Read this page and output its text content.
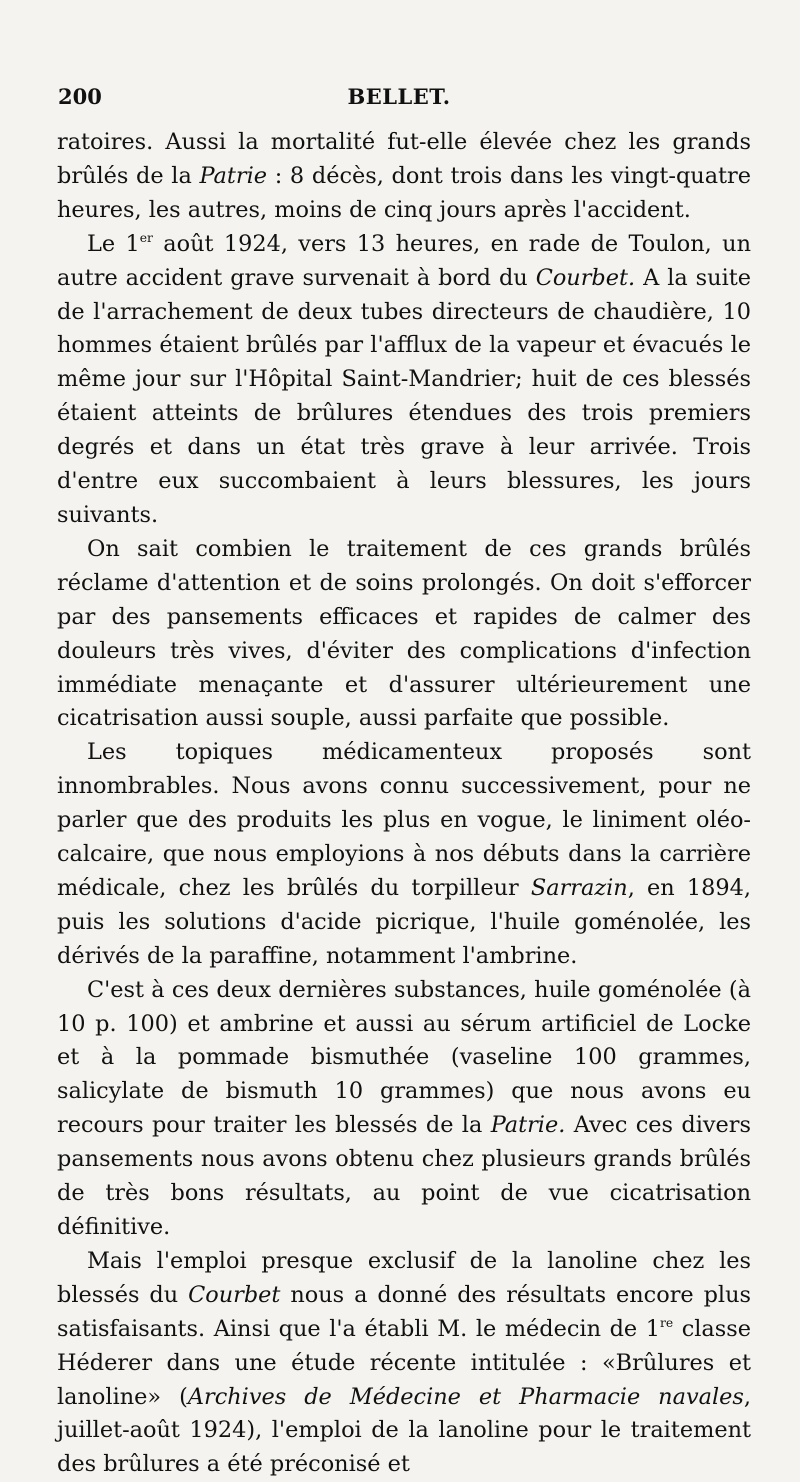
200	BELLET.

ratoires. Aussi la mortalité fut-elle élevée chez les grands brûlés de la Patrie : 8 décès, dont trois dans les vingt-quatre heures, les autres, moins de cinq jours après l'accident.

Le 1er août 1924, vers 13 heures, en rade de Toulon, un autre accident grave survenait à bord du Courbet. A la suite de l'arrachement de deux tubes directeurs de chaudière, 10 hommes étaient brûlés par l'afflux de la vapeur et évacués le même jour sur l'Hôpital Saint-Mandrier; huit de ces blessés étaient atteints de brûlures étendues des trois premiers degrés et dans un état très grave à leur arrivée. Trois d'entre eux succombaient à leurs blessures, les jours suivants.

On sait combien le traitement de ces grands brûlés réclame d'attention et de soins prolongés. On doit s'efforcer par des pansements efficaces et rapides de calmer des douleurs très vives, d'éviter des complications d'infection immédiate menaçante et d'assurer ultérieurement une cicatrisation aussi souple, aussi parfaite que possible.

Les topiques médicamenteux proposés sont innombrables. Nous avons connu successivement, pour ne parler que des produits les plus en vogue, le liniment oléo-calcaire, que nous employions à nos débuts dans la carrière médicale, chez les brûlés du torpilleur Sarrazin, en 1894, puis les solutions d'acide picrique, l'huile goménolée, les dérivés de la paraffine, notamment l'ambrine.

C'est à ces deux dernières substances, huile goménolée (à 10 p. 100) et ambrine et aussi au sérum artificiel de Locke et à la pommade bismuthée (vaseline 100 grammes, salicylate de bismuth 10 grammes) que nous avons eu recours pour traiter les blessés de la Patrie. Avec ces divers pansements nous avons obtenu chez plusieurs grands brûlés de très bons résultats, au point de vue cicatrisation définitive.

Mais l'emploi presque exclusif de la lanoline chez les blessés du Courbet nous a donné des résultats encore plus satisfaisants. Ainsi que l'a établi M. le médecin de 1re classe Héderer dans une étude récente intitulée : «Brûlures et lanoline» (Archives de Médecine et Pharmacie navales, juillet-août 1924), l'emploi de la lanoline pour le traitement des brûlures a été préconisé et
